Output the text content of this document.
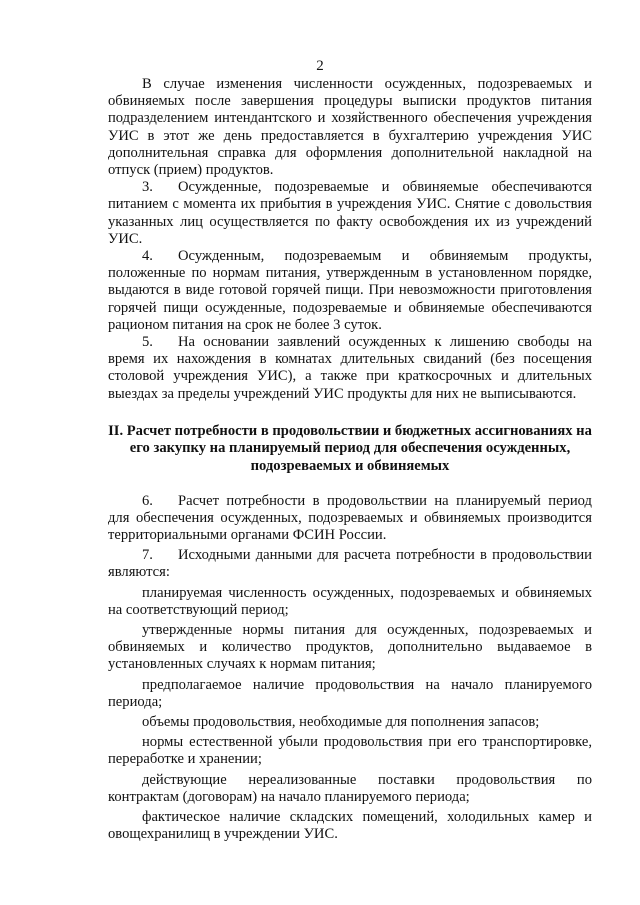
2

В случае изменения численности осужденных, подозреваемых и обвиняемых после завершения процедуры выписки продуктов питания подразделением интендантского и хозяйственного обеспечения учреждения УИС в этот же день предоставляется в бухгалтерию учреждения УИС дополнительная справка для оформления дополнительной накладной на отпуск (прием) продуктов.

3. Осужденные, подозреваемые и обвиняемые обеспечиваются питанием с момента их прибытия в учреждения УИС. Снятие с довольствия указанных лиц осуществляется по факту освобождения их из учреждений УИС.

4. Осужденным, подозреваемым и обвиняемым продукты, положенные по нормам питания, утвержденным в установленном порядке, выдаются в виде готовой горячей пищи. При невозможности приготовления горячей пищи осужденные, подозреваемые и обвиняемые обеспечиваются рационом питания на срок не более 3 суток.

5. На основании заявлений осужденных к лишению свободы на время их нахождения в комнатах длительных свиданий (без посещения столовой учреждения УИС), а также при краткосрочных и длительных выездах за пределы учреждений УИС продукты для них не выписываются.

II. Расчет потребности в продовольствии и бюджетных ассигнованиях на его закупку на планируемый период для обеспечения осужденных, подозреваемых и обвиняемых

6. Расчет потребности в продовольствии на планируемый период для обеспечения осужденных, подозреваемых и обвиняемых производится территориальными органами ФСИН России.

7. Исходными данными для расчета потребности в продовольствии являются:

планируемая численность осужденных, подозреваемых и обвиняемых на соответствующий период;

утвержденные нормы питания для осужденных, подозреваемых и обвиняемых и количество продуктов, дополнительно выдаваемое в установленных случаях к нормам питания;

предполагаемое наличие продовольствия на начало планируемого периода;

объемы продовольствия, необходимые для пополнения запасов;

нормы естественной убыли продовольствия при его транспортировке, переработке и хранении;

действующие нереализованные поставки продовольствия по контрактам (договорам) на начало планируемого периода;

фактическое наличие складских помещений, холодильных камер и овощехранилищ в учреждении УИС.
